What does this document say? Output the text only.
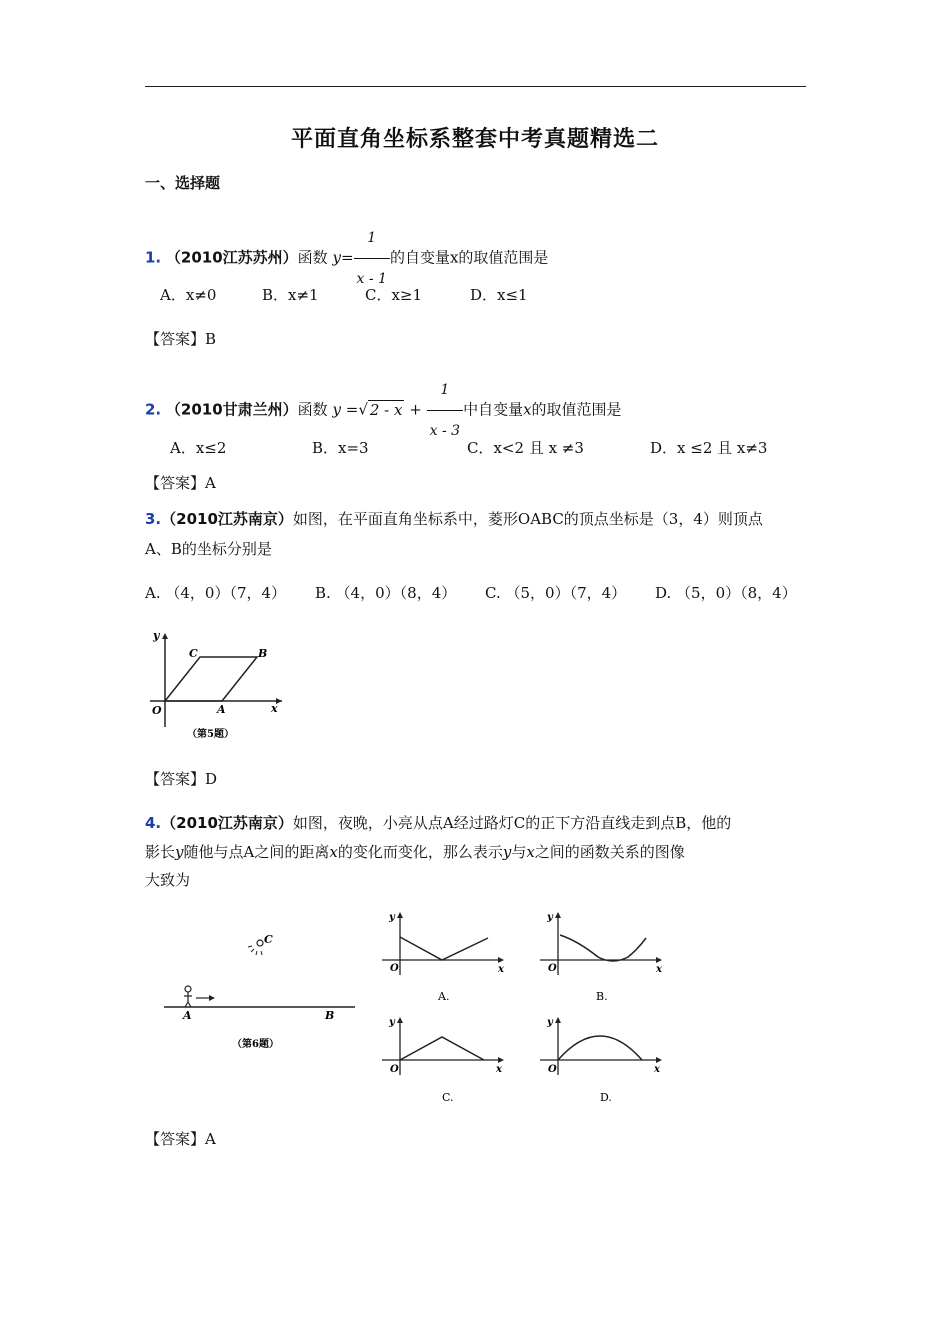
平面直角坐标系整套中考真题精选二
一、选择题
1. （2010江苏苏州）函数 $y= \frac{1}{x - 1}$ 的自变量x的取值范围是
A．x≠0	B．x≠1	C．x≥1	D．x≤1
【答案】B
2. （2010甘肃兰州）函数 y =√ $2 - x + \frac{1}{x - 3}$ 中自变量x的取值范围是
A．x≤2	B．x=3	C．x<2 且 x ≠3	D．x ≤2 且 x≠3
【答案】A
3.（2010江苏南京）如图，在平面直角坐标系中，菱形OABC的顶点坐标是（3，4）则顶点
A、B的坐标分别是
A. （4，0）（7，4） B. （4，0）（8，4） C. （5，0）（7，4） D. （5，0）（8，4）
y
x
O	A
B
C
（第5题）
【答案】D
4.（2010江苏南京）如图，夜晚，小亮从点A经过路灯C的正下方沿直线走到点B，他的
影长y随他与点A之间的距离x的变化而变化，那么表示y与x之间的函数关系的图像
大致为
C
A	B
（第6题）
y
x
O
A.
y
x
O
B.
y
x
O
C.
y
x
O
D.
【答案】A
